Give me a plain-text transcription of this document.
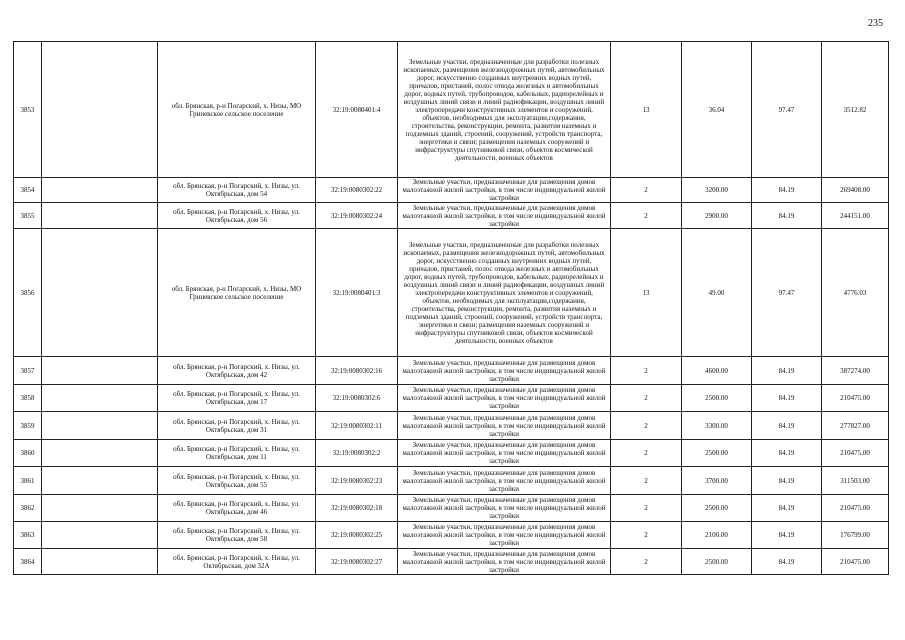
235
3853		обл. Брянская, р-н Погарский, х. Низы, МО Гриневское сельское поселение	32:19:0080401:4	Земельные участки, предназначенные для разработки полезных ископаемых, размещения железнодорожных путей, автомобильных дорог, искусственно созданных внутренних водных путей, причалов, пристаней, полос отвода железных и автомобильных дорог, водных путей, трубопроводов, кабельных, радиорелейных и воздушных линий связи и линий радиофикации, воздушных линий электропередачи конструктивных элементов и сооружений, объектов, необходимых для эксплуатации,содержания, строительства, реконструкции, ремонта, развития наземных и подземных зданий, строений, сооружений, устройств транспорта, энергетики и связи; размещения наземных сооружений и инфраструктуры спутниковой связи, объектов космической деятельности, военных объектов	13	36.04	97.47	3512.82
3854		обл. Брянская, р-н Погарский, х. Низы, ул. Октябрьская, дом 54	32:19:0080302:22	Земельные участки, предназначенные для размещения домов малоэтажной жилой застройки, в том числе индивидуальной жилой застройки	2	3200.00	84.19	269408.00
3855		обл. Брянская, р-н Погарский, х. Низы, ул. Октябрьская, дом 56	32:19:0080302:24	Земельные участки, предназначенные для размещения домов малоэтажной жилой застройки, в том числе индивидуальной жилой застройки	2	2900.00	84.19	244151.00
3856		обл. Брянская, р-н Погарский, х. Низы, МО Гриневское сельское поселение	32:19:0080401:3	Земельные участки, предназначенные для разработки полезных ископаемых, размещения железнодорожных путей, автомобильных дорог, искусственно созданных внутренних водных путей, причалов, пристаней, полос отвода железных и автомобильных дорог, водных путей, трубопроводов, кабельных, радиорелейных и воздушных линий связи и линий радиофикации, воздушных линий электропередачи конструктивных элементов и сооружений, объектов, необходимых для эксплуатации,содержания, строительства, реконструкции, ремонта, развития наземных и подземных зданий, строений, сооружений, устройств транспорта, энергетики и связи; размещения наземных сооружений и инфраструктуры спутниковой связи, объектов космической деятельности, военных объектов	13	49.00	97.47	4776.03
3857		обл. Брянская, р-н Погарский, х. Низы, ул. Октябрьская, дом 42	32:19:0080302:16	Земельные участки, предназначенные для размещения домов малоэтажной жилой застройки, в том числе индивидуальной жилой застройки	2	4600.00	84.19	387274.00
3858		обл. Брянская, р-н Погарский, х. Низы, ул. Октябрьская, дом 17	32:19:0080302:6	Земельные участки, предназначенные для размещения домов малоэтажной жилой застройки, в том числе индивидуальной жилой застройки	2	2500.00	84.19	210475.00
3859		обл. Брянская, р-н Погарский, х. Низы, ул. Октябрьская, дом 31	32:19:0080302:11	Земельные участки, предназначенные для размещения домов малоэтажной жилой застройки, в том числе индивидуальной жилой застройки	2	3300.00	84.19	277827.00
3860		обл. Брянская, р-н Погарский, х. Низы, ул. Октябрьская, дом 11	32:19:0080302:2	Земельные участки, предназначенные для размещения домов малоэтажной жилой застройки, в том числе индивидуальной жилой застройки	2	2500.00	84.19	210475.00
3861		обл. Брянская, р-н Погарский, х. Низы, ул. Октябрьская, дом 55	32:19:0080302:23	Земельные участки, предназначенные для размещения домов малоэтажной жилой застройки, в том числе индивидуальной жилой застройки	2	3700.00	84.19	311503.00
3862		обл. Брянская, р-н Погарский, х. Низы, ул. Октябрьская, дом 46	32:19:0080302:18	Земельные участки, предназначенные для размещения домов малоэтажной жилой застройки, в том числе индивидуальной жилой застройки	2	2500.00	84.19	210475.00
3863		обл. Брянская, р-н Погарский, х. Низы, ул. Октябрьская, дом 58	32:19:0080302:25	Земельные участки, предназначенные для размещения домов малоэтажной жилой застройки, в том числе индивидуальной жилой застройки	2	2100.00	84.19	176799.00
3864		обл. Брянская, р-н Погарский, х. Низы, ул. Октябрьская, дом 32А	32:19:0080302:27	Земельные участки, предназначенные для размещения домов малоэтажной жилой застройки, в том числе индивидуальной жилой застройки	2	2500.00	84.19	210475.00
